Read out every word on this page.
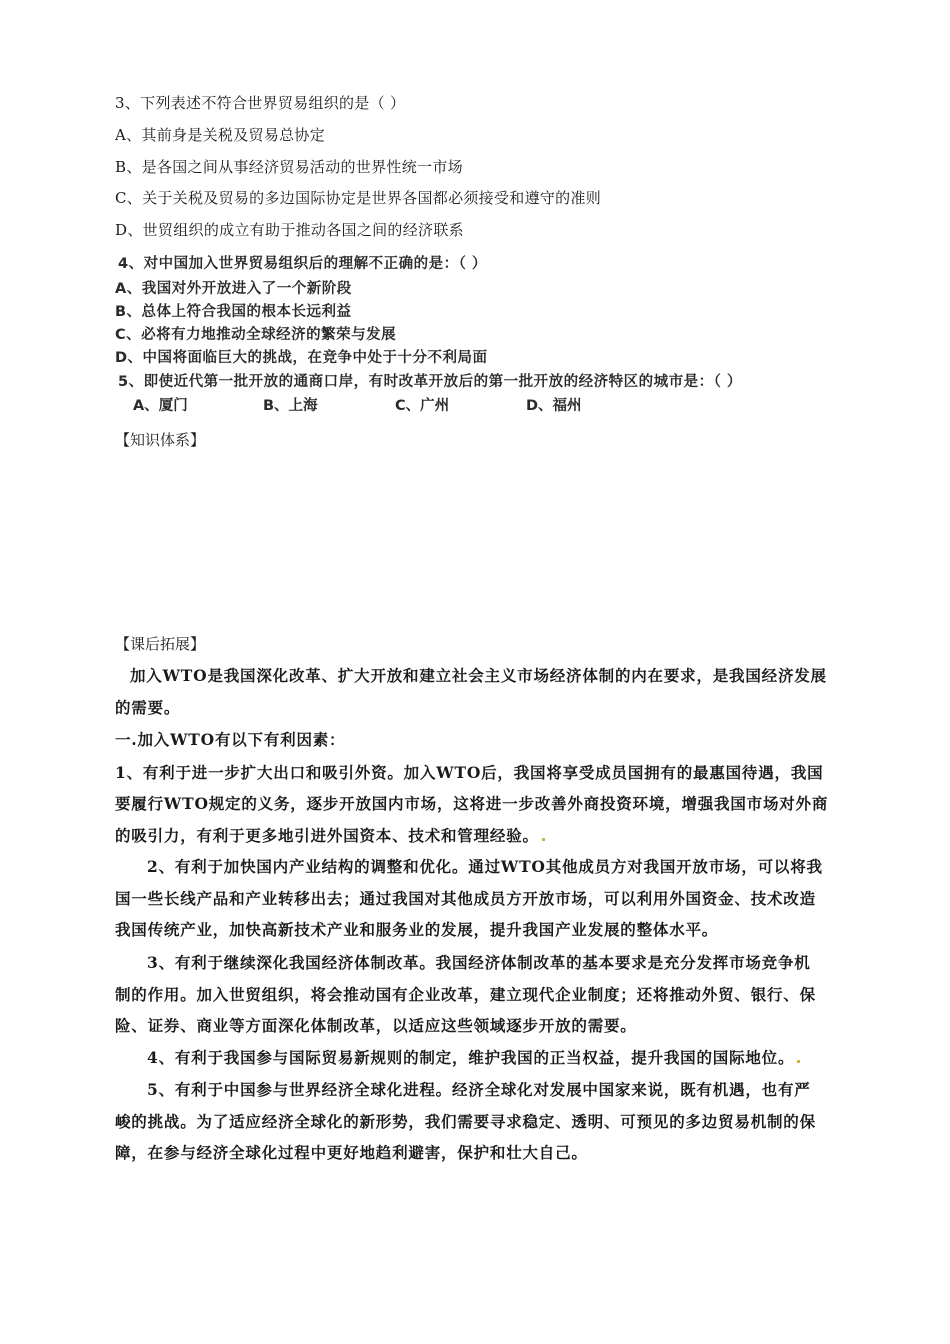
3、下列表述不符合世界贸易组织的是（ ）
A、其前身是关税及贸易总协定
B、是各国之间从事经济贸易活动的世界性统一市场
C、关于关税及贸易的多边国际协定是世界各国都必须接受和遵守的准则
D、世贸组织的成立有助于推动各国之间的经济联系
4、对中国加入世界贸易组织后的理解不正确的是：（ ）
A、我国对外开放进入了一个新阶段
B、总体上符合我国的根本长远利益
C、必将有力地推动全球经济的繁荣与发展
D、中国将面临巨大的挑战，在竞争中处于十分不利局面
5、即使近代第一批开放的通商口岸，有时改革开放后的第一批开放的经济特区的城市是：（ ）
A、厦门	B、上海	C、广州	D、福州
【知识体系】
【课后拓展】
加入WTO是我国深化改革、扩大开放和建立社会主义市场经济体制的内在要求，是我国经济发展
的需要。
一.加入WTO有以下有利因素：
1、有利于进一步扩大出口和吸引外资。加入WTO后，我国将享受成员国拥有的最惠国待遇，我国
要履行WTO规定的义务，逐步开放国内市场，这将进一步改善外商投资环境，增强我国市场对外商
的吸引力，有利于更多地引进外国资本、技术和管理经验。
2、有利于加快国内产业结构的调整和优化。通过WTO其他成员方对我国开放市场，可以将我
国一些长线产品和产业转移出去；通过我国对其他成员方开放市场，可以利用外国资金、技术改造
我国传统产业，加快高新技术产业和服务业的发展，提升我国产业发展的整体水平。
3、有利于继续深化我国经济体制改革。我国经济体制改革的基本要求是充分发挥市场竞争机
制的作用。加入世贸组织，将会推动国有企业改革，建立现代企业制度；还将推动外贸、银行、保
险、证券、商业等方面深化体制改革，以适应这些领域逐步开放的需要。
4、有利于我国参与国际贸易新规则的制定，维护我国的正当权益，提升我国的国际地位。
5、有利于中国参与世界经济全球化进程。经济全球化对发展中国家来说，既有机遇，也有严
峻的挑战。为了适应经济全球化的新形势，我们需要寻求稳定、透明、可预见的多边贸易机制的保
障，在参与经济全球化过程中更好地趋利避害，保护和壮大自己。
